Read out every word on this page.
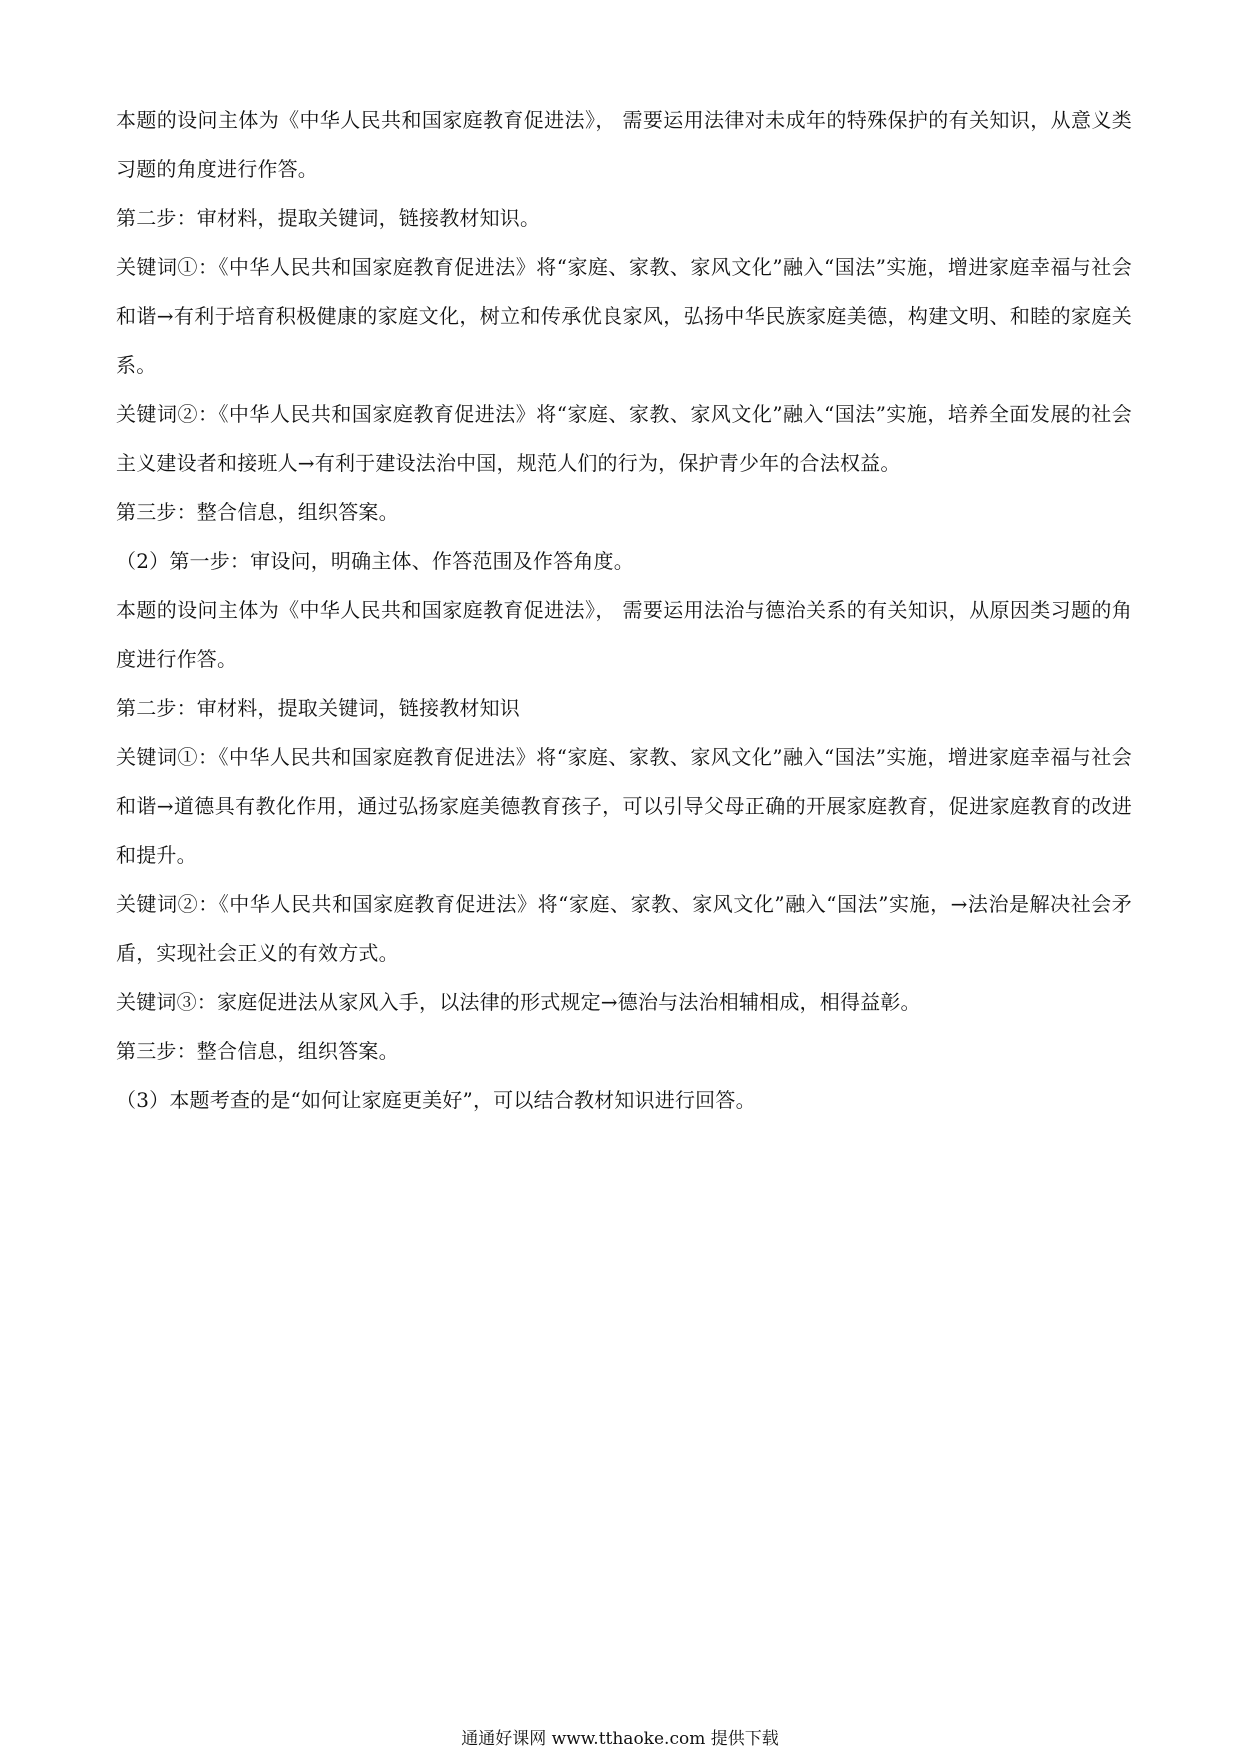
本题的设问主体为《中华人民共和国家庭教育促进法》， 需要运用法律对未成年的特殊保护的有关知识，从意义类习题的角度进行作答。

第二步：审材料，提取关键词，链接教材知识。

关键词①：《中华人民共和国家庭教育促进法》将“家庭、家教、家风文化”融入“国法”实施，增进家庭幸福与社会和谐→有利于培育积极健康的家庭文化，树立和传承优良家风，弘扬中华民族家庭美德，构建文明、和睦的家庭关系。

关键词②：《中华人民共和国家庭教育促进法》将“家庭、家教、家风文化”融入“国法”实施，培养全面发展的社会主义建设者和接班人→有利于建设法治中国，规范人们的行为，保护青少年的合法权益。

第三步：整合信息，组织答案。

（2）第一步：审设问，明确主体、作答范围及作答角度。

本题的设问主体为《中华人民共和国家庭教育促进法》， 需要运用法治与德治关系的有关知识，从原因类习题的角度进行作答。

第二步：审材料，提取关键词，链接教材知识

关键词①：《中华人民共和国家庭教育促进法》将“家庭、家教、家风文化”融入“国法”实施，增进家庭幸福与社会和谐→道德具有教化作用，通过弘扬家庭美德教育孩子，可以引导父母正确的开展家庭教育，促进家庭教育的改进和提升。

关键词②：《中华人民共和国家庭教育促进法》将“家庭、家教、家风文化”融入“国法”实施，→法治是解决社会矛盾，实现社会正义的有效方式。

关键词③：家庭促进法从家风入手，以法律的形式规定→德治与法治相辅相成，相得益彰。

第三步：整合信息，组织答案。

（3）本题考查的是“如何让家庭更美好”，可以结合教材知识进行回答。

通通好课网 www.tthaoke.com 提供下载
